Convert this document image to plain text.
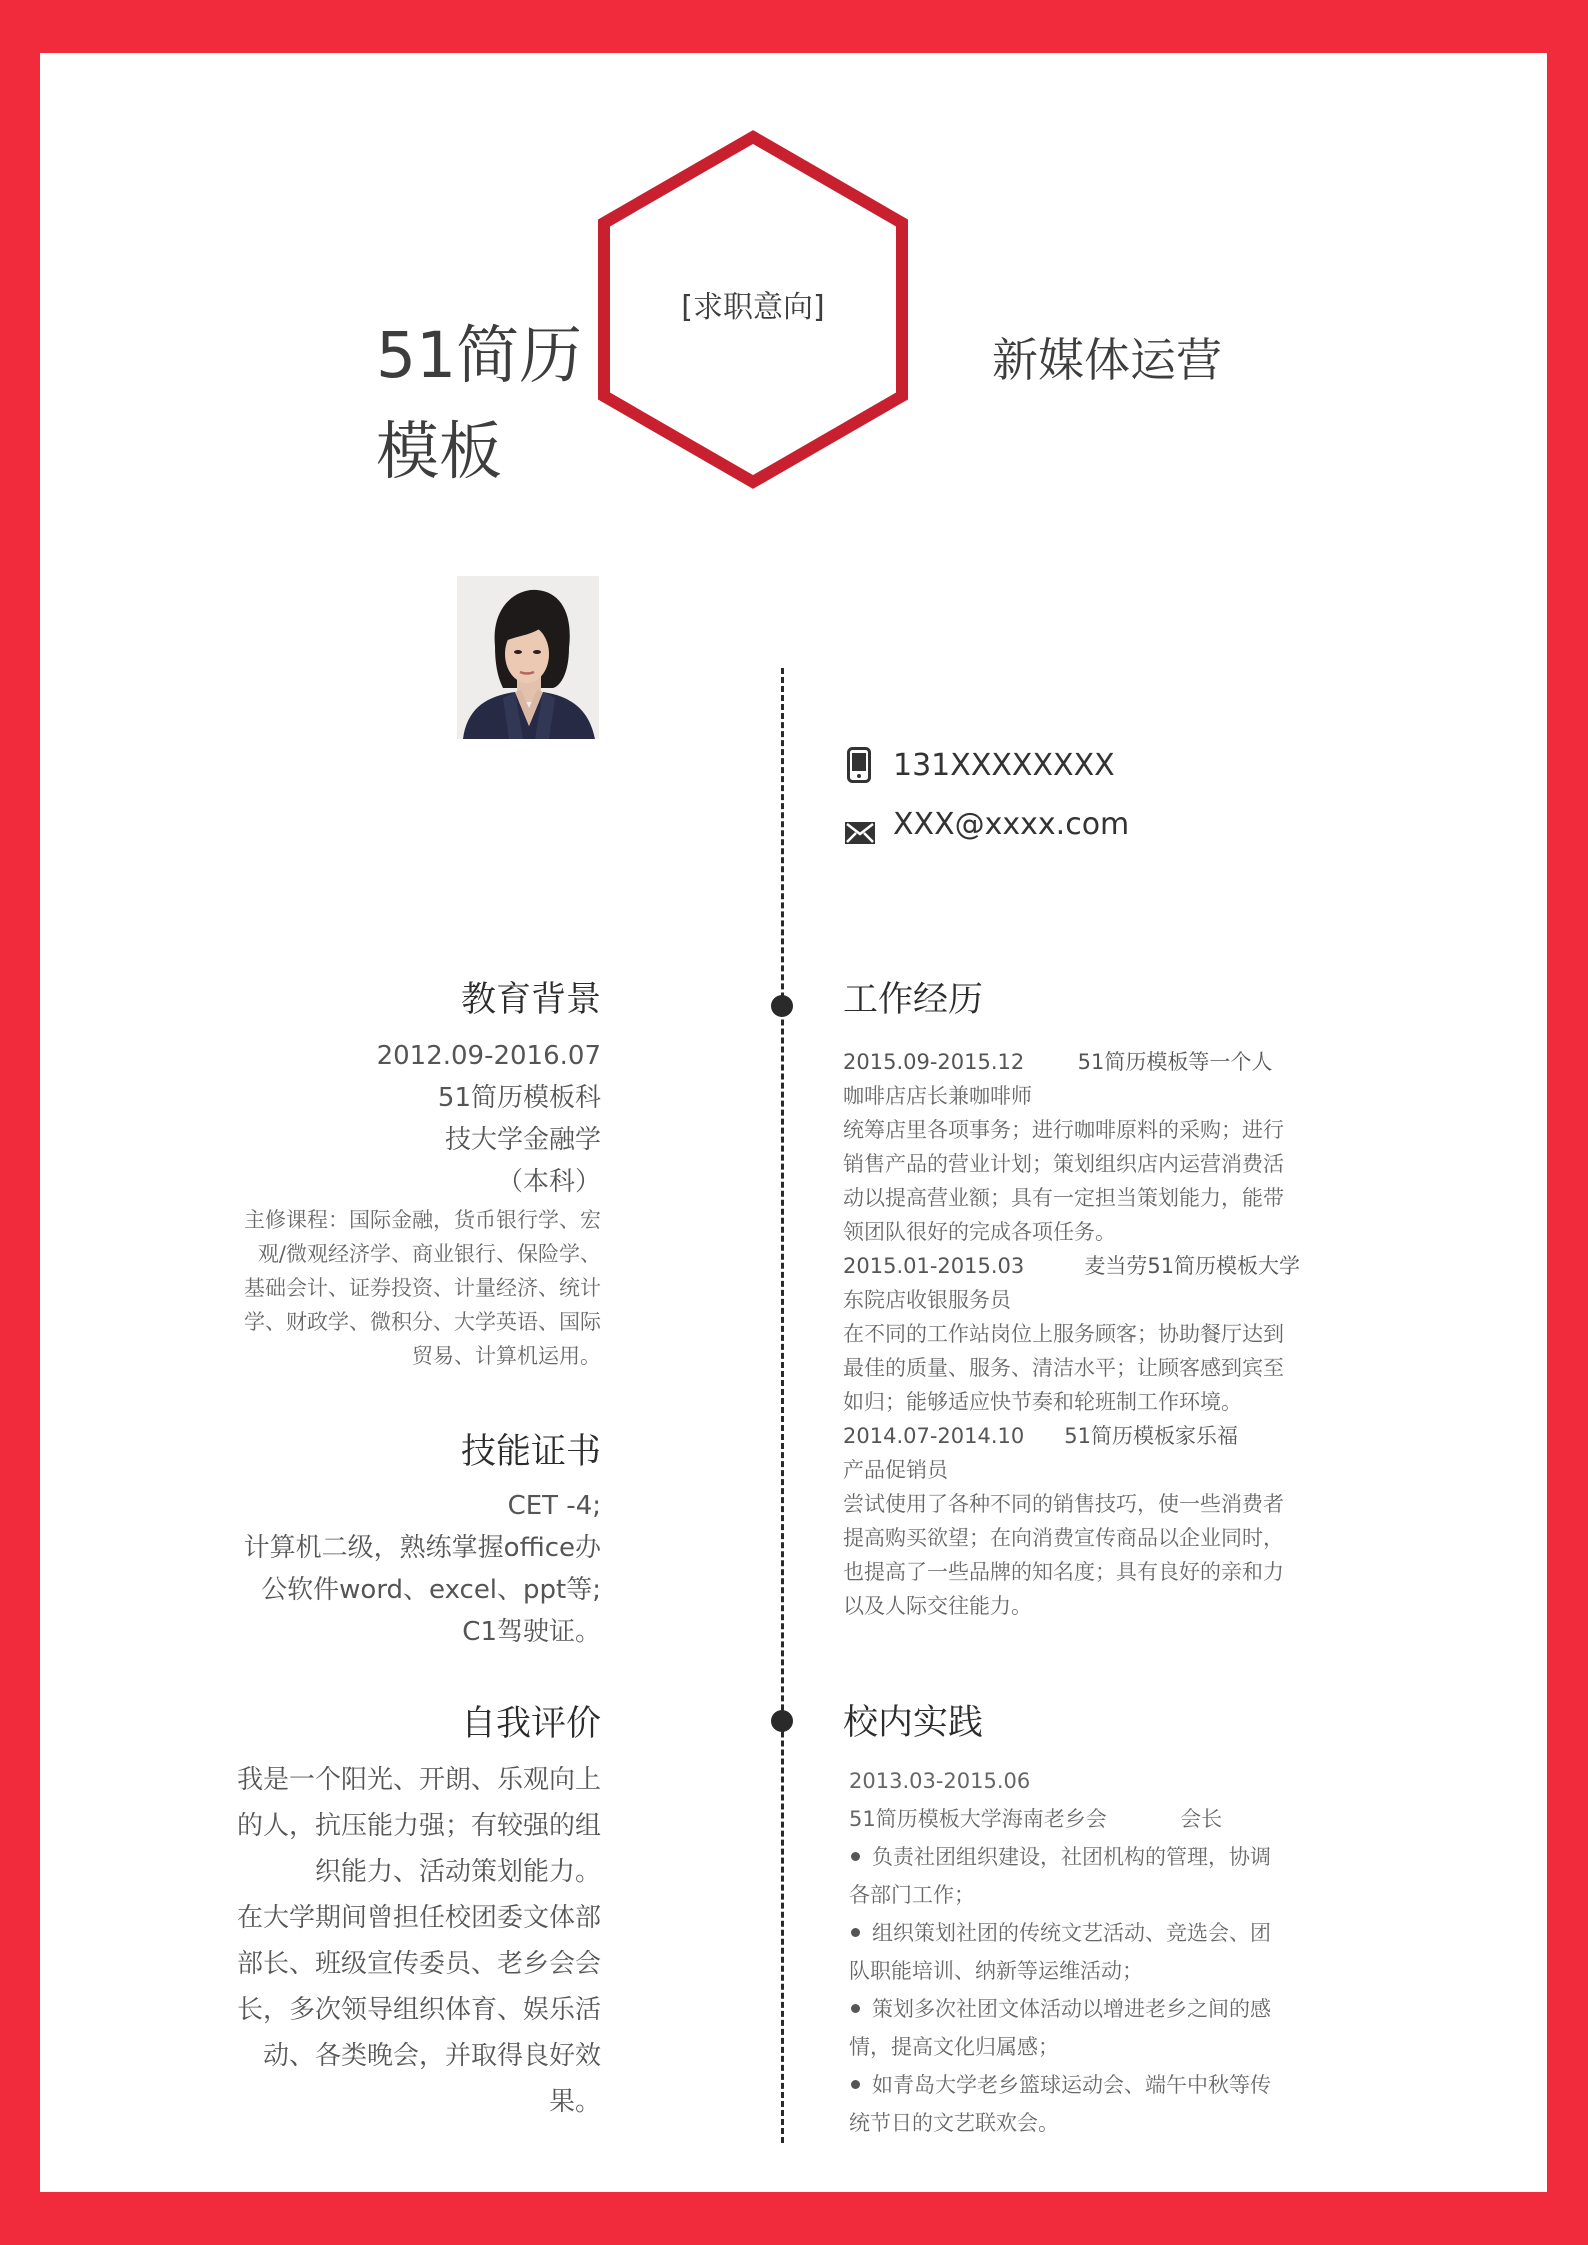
51简历
模板
[求职意向]
新媒体运营
131XXXXXXXX
XXX@xxxx.com
教育背景
2012.09-2016.07
51简历模板科
技大学金融学
（本科）
主修课程：国际金融，货币银行学、宏
观/微观经济学、商业银行、保险学、
基础会计、证券投资、计量经济、统计
学、财政学、微积分、大学英语、国际
贸易、计算机运用。
技能证书
CET -4;
计算机二级，熟练掌握office办
公软件word、excel、ppt等;
C1驾驶证。
自我评价
我是一个阳光、开朗、乐观向上
的人，抗压能力强；有较强的组
织能力、活动策划能力。
在大学期间曾担任校团委文体部
部长、班级宣传委员、老乡会会
长，多次领导组织体育、娱乐活
动、各类晚会，并取得良好效
果。
工作经历
2015.09-2015.12        51简历模板等一个人
咖啡店店长兼咖啡师
统筹店里各项事务；进行咖啡原料的采购；进行
销售产品的营业计划；策划组织店内运营消费活
动以提高营业额；具有一定担当策划能力，能带
领团队很好的完成各项任务。
2015.01-2015.03         麦当劳51简历模板大学
东院店收银服务员
在不同的工作站岗位上服务顾客；协助餐厅达到
最佳的质量、服务、清洁水平；让顾客感到宾至
如归；能够适应快节奏和轮班制工作环境。
2014.07-2014.10      51简历模板家乐福
产品促销员
尝试使用了各种不同的销售技巧，使一些消费者
提高购买欲望；在向消费宣传商品以企业同时，
也提高了一些品牌的知名度；具有良好的亲和力
以及人际交往能力。
校内实践
2013.03-2015.06
51简历模板大学海南老乡会           会长
负责社团组织建设，社团机构的管理，协调
各部门工作；
组织策划社团的传统文艺活动、竞选会、团
队职能培训、纳新等运维活动；
策划多次社团文体活动以增进老乡之间的感
情，提高文化归属感；
如青岛大学老乡篮球运动会、端午中秋等传
统节日的文艺联欢会。
